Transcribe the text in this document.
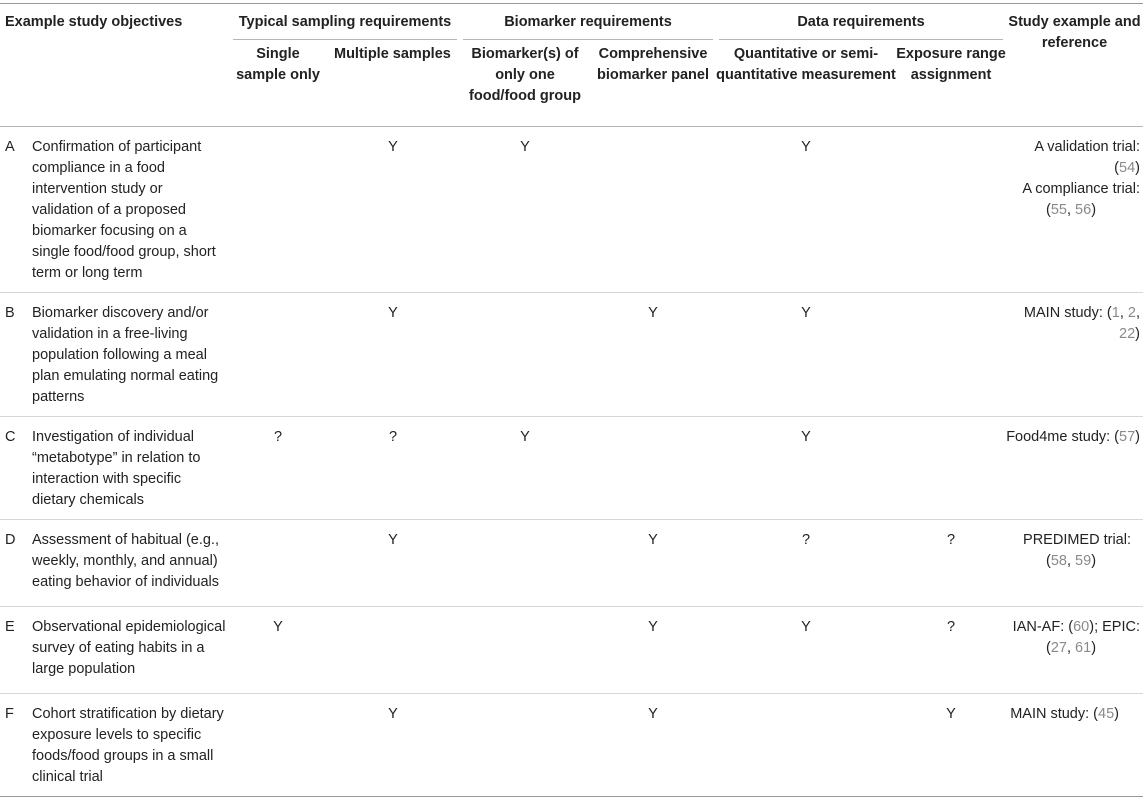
Example study objectives		Typical sampling requirements		Biomarker requirements		Data requirements		Study example and reference
		Single sample only	Multiple samples	Biomarker(s) of only one food/food group	Comprehensive biomarker panel	Quantitative or semi-quantitative measurement	Exposure range assignment	

A	Confirmation of participant compliance in a food intervention study or validation of a proposed biomarker focusing on a single food/food group, short term or long term		Y	Y		Y		A validation trial: (54)
A compliance trial:
(55, 56)

B	Biomarker discovery and/or validation in a free-living population following a meal plan emulating normal eating patterns		Y		Y	Y		MAIN study: (1, 2, 22)
C	Investigation of individual “metabotype” in relation to interaction with specific dietary chemicals	?	?	Y		Y		Food4me study: (57)
D	Assessment of habitual (e.g., weekly, monthly, and annual) eating behavior of individuals		Y		Y	?	?	PREDIMED trial:
(58, 59)

E	Observational epidemiological survey of eating habits in a large population	Y			Y	Y	?	IAN-AF: (60); EPIC:
(27, 61)

F	Cohort stratification by dietary exposure levels to specific foods/food groups in a small clinical trial		Y		Y		Y	MAIN study: (45)
